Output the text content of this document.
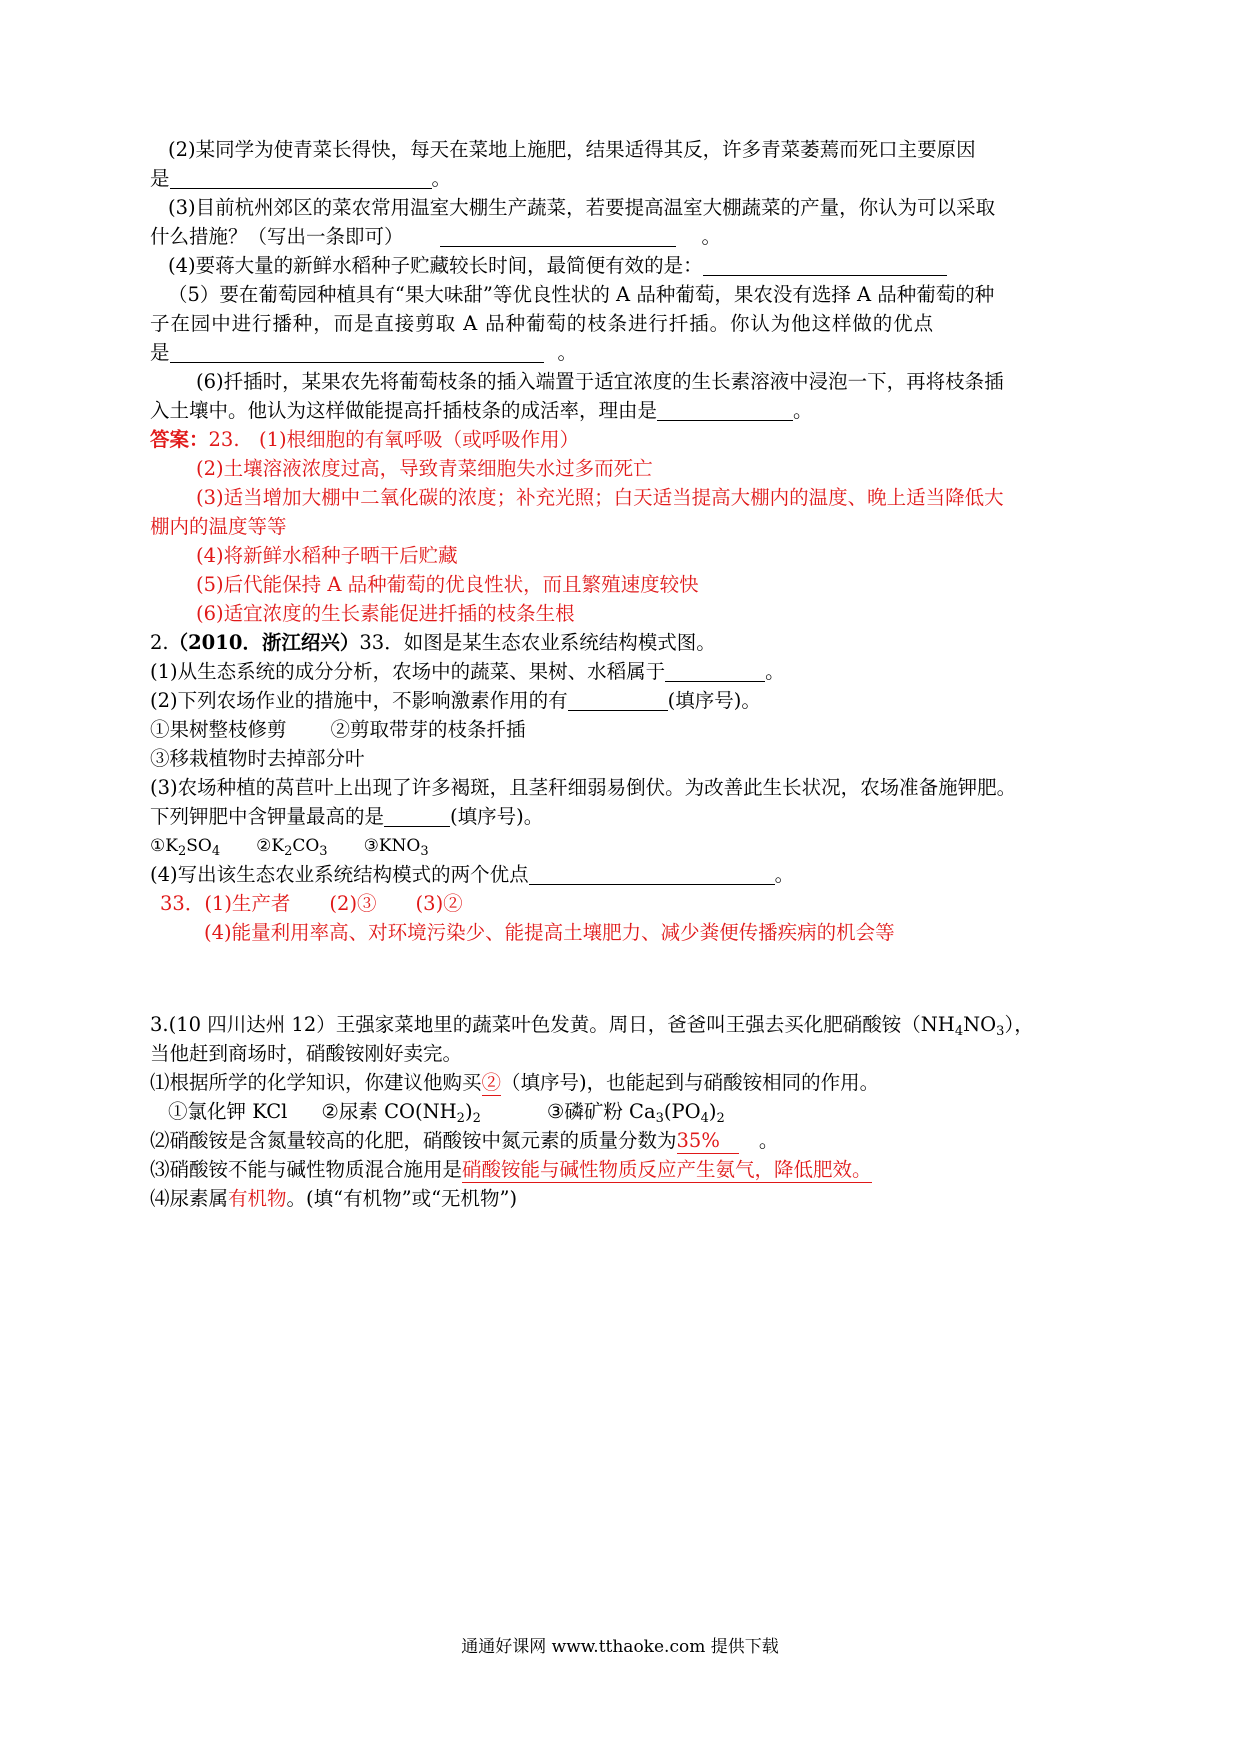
(2)某同学为使青菜长得快，每天在菜地上施肥，结果适得其反，许多青菜萎蔫而死口主要原因
是	。
(3)目前杭州郊区的菜农常用温室大棚生产蔬菜，若要提高温室大棚蔬菜的产量，你认为可以采取
什么措施？（写出一条即可）	。
(4)要蒋大量的新鲜水稻种子贮藏较长时间，最简便有效的是：
（5）要在葡萄园种植具有“果大味甜”等优良性状的 A 品种葡萄，果农没有选择 A 品种葡萄的种
子在园中进行播种，而是直接剪取 A 品种葡萄的枝条进行扦插。你认为他这样做的优点
是	。
(6)扦插时，某果农先将葡萄枝条的插入端置于适宜浓度的生长素溶液中浸泡一下，再将枝条插
入土壤中。他认为这样做能提高扦插枝条的成活率，理由是	。
答案：23.　(1)根细胞的有氧呼吸（或呼吸作用）
(2)土壤溶液浓度过高，导致青菜细胞失水过多而死亡
(3)适当增加大棚中二氧化碳的浓度；补充光照；白天适当提高大棚内的温度、晚上适当降低大
棚内的温度等等
(4)将新鲜水稻种子晒干后贮藏
(5)后代能保持 A 品种葡萄的优良性状，而且繁殖速度较快
(6)适宜浓度的生长素能促进扦插的枝条生根
2.（2010．浙江绍兴）33．如图是某生态农业系统结构模式图。
(1)从生态系统的成分分析，农场中的蔬菜、果树、水稻属于	。
(2)下列农场作业的措施中，不影响激素作用的有	(填序号)。
①果树整枝修剪 ②剪取带芽的枝条扦插
③移栽植物时去掉部分叶
(3)农场种植的莴苣叶上出现了许多褐斑，且茎秆细弱易倒伏。为改善此生长状况，农场准备施钾肥。
下列钾肥中含钾量最高的是	(填序号)。
$①K_2SO_4$ $②K_2CO_3$ $③KNO_3$
(4)写出该生态农业系统结构模式的两个优点	。
33．(1)生产者　　(2)③　　(3)②
(4)能量利用率高、对环境污染少、能提高土壤肥力、减少粪便传播疾病的机会等
3.(10 四川达州 12）王强家菜地里的蔬菜叶色发黄。周日，爸爸叫王强去买化肥硝酸铵$(NH_4NO_3)$，
当他赶到商场时，硝酸铵刚好卖完。
⑴根据所学的化学知识，你建议他购买②（填序号)，也能起到与硝酸铵相同的作用。
①氯化钾 KCl ②尿素 $CO(NH_2)_2$	③磷矿粉 $Ca_3(PO_4)_2$
⑵硝酸铵是含氮量较高的化肥，硝酸铵中氮元素的质量分数为35%　　。
⑶硝酸铵不能与碱性物质混合施用是硝酸铵能与碱性物质反应产生氨气，降低肥效。
⑷尿素属有机物。(填“有机物”或“无机物”)
通通好课网 www.tthaoke.com 提供下载
